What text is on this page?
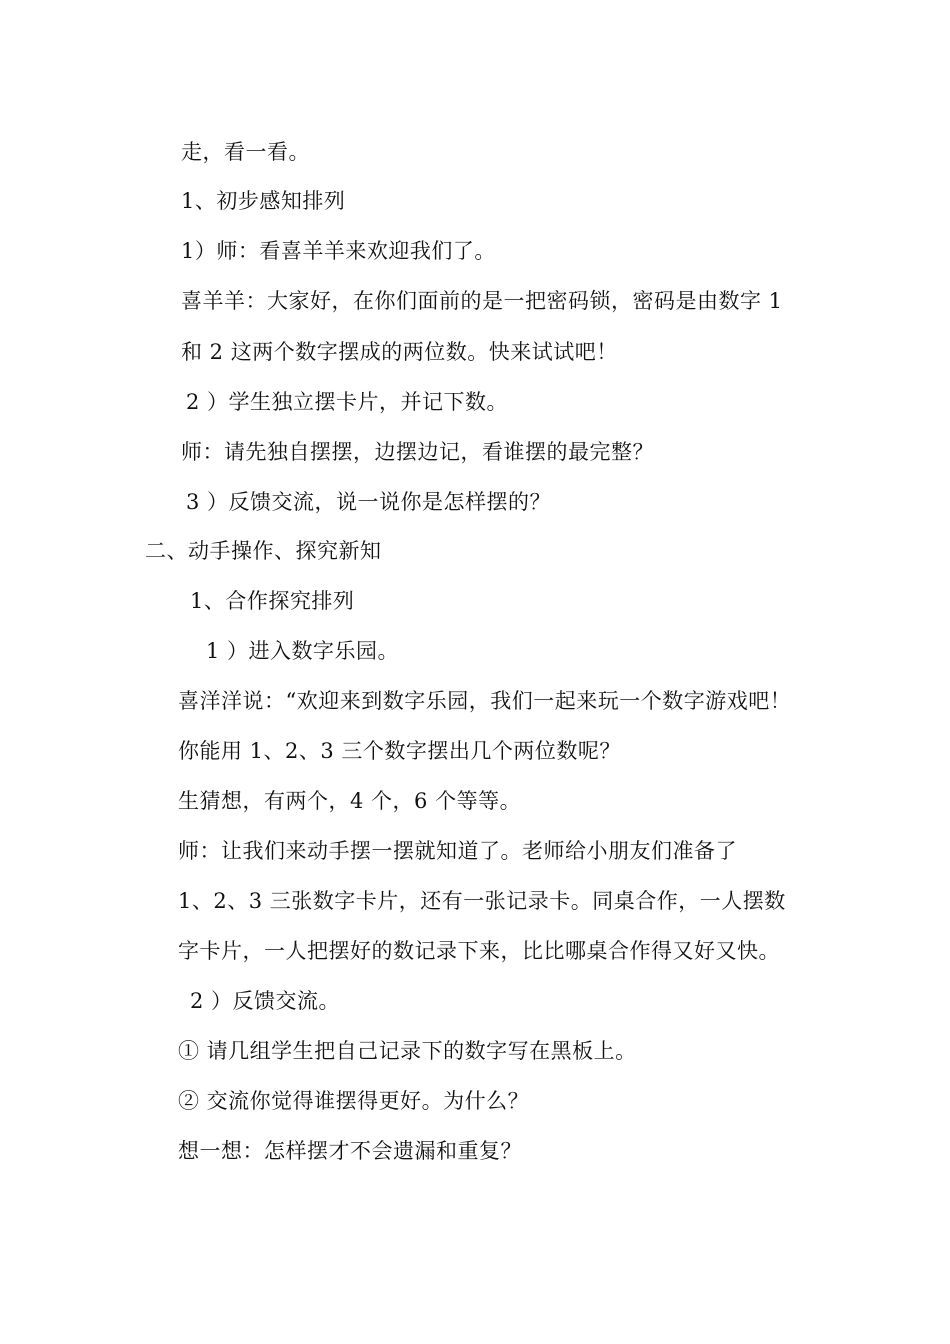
走，看一看。
1、初步感知排列
1）师：看喜羊羊来欢迎我们了。
喜羊羊：大家好，在你们面前的是一把密码锁，密码是由数字 1
和 2 这两个数字摆成的两位数。快来试试吧！
2 ）学生独立摆卡片，并记下数。
师：请先独自摆摆，边摆边记，看谁摆的最完整？
3 ）反馈交流，说一说你是怎样摆的？
二、动手操作、探究新知
1、合作探究排列
1 ）进入数字乐园。
喜洋洋说：“欢迎来到数字乐园，我们一起来玩一个数字游戏吧！
你能用 1、2、3 三个数字摆出几个两位数呢？
生猜想，有两个，4 个，6 个等等。
师：让我们来动手摆一摆就知道了。老师给小朋友们准备了
1、2、3 三张数字卡片，还有一张记录卡。同桌合作，一人摆数
字卡片，一人把摆好的数记录下来，比比哪桌合作得又好又快。
2 ）反馈交流。
① 请几组学生把自己记录下的数字写在黑板上。
② 交流你觉得谁摆得更好。为什么？
想一想：怎样摆才不会遗漏和重复？
